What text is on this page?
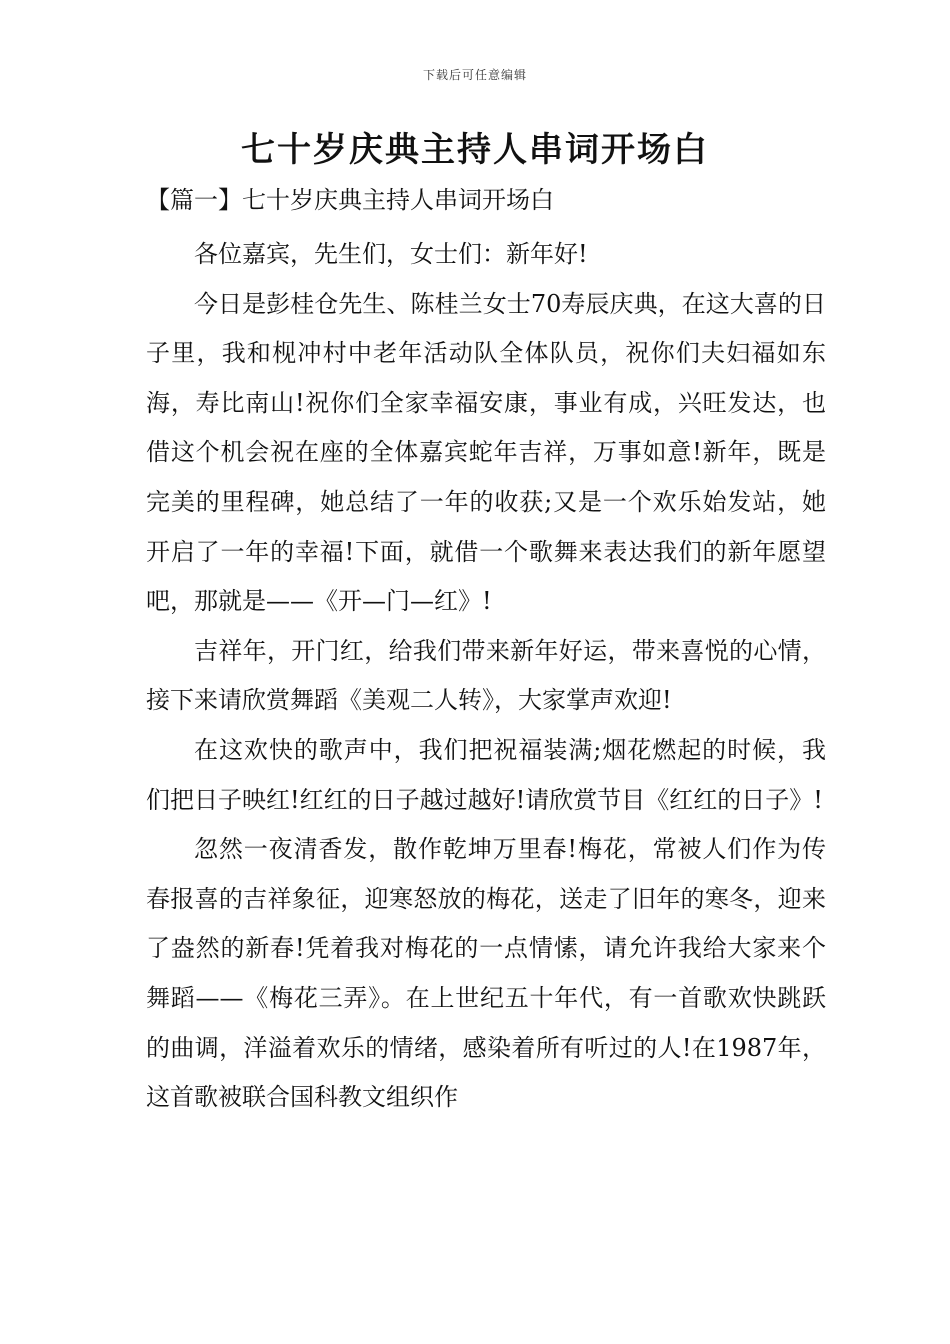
下载后可任意编辑
七十岁庆典主持人串词开场白
【篇一】七十岁庆典主持人串词开场白

各位嘉宾，先生们，女士们：新年好!

今日是彭桂仓先生、陈桂兰女士70寿辰庆典，在这大喜的日子里，我和枧冲村中老年活动队全体队员，祝你们夫妇福如东海，寿比南山!祝你们全家幸福安康，事业有成，兴旺发达，也借这个机会祝在座的全体嘉宾蛇年吉祥，万事如意!新年，既是完美的里程碑，她总结了一年的收获;又是一个欢乐始发站，她开启了一年的幸福!下面，就借一个歌舞来表达我们的新年愿望吧，那就是——《开—门—红》!

吉祥年，开门红，给我们带来新年好运，带来喜悦的心情，接下来请欣赏舞蹈《美观二人转》，大家掌声欢迎!

在这欢快的歌声中，我们把祝福装满;烟花燃起的时候，我们把日子映红!红红的日子越过越好!请欣赏节目《红红的日子》!

忽然一夜清香发，散作乾坤万里春!梅花，常被人们作为传春报喜的吉祥象征，迎寒怒放的梅花，送走了旧年的寒冬，迎来了盎然的新春!凭着我对梅花的一点情愫，请允许我给大家来个舞蹈——《梅花三弄》。在上世纪五十年代，有一首歌欢快跳跃的曲调，洋溢着欢乐的情绪，感染着所有听过的人!在1987年，这首歌被联合国科教文组织作
